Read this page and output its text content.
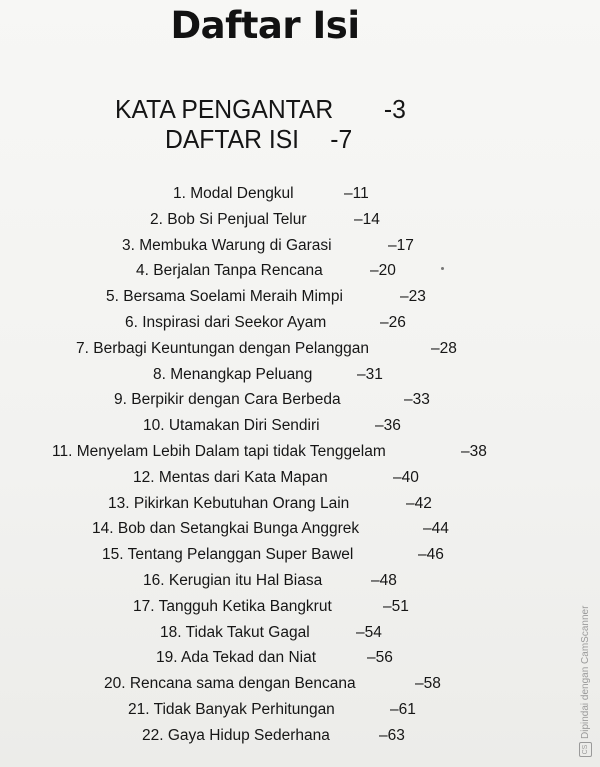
Daftar Isi
KATA PENGANTAR -3
DAFTAR ISI -7
1. Modal Dengkul	–11
2. Bob Si Penjual Telur	–14
3. Membuka Warung di Garasi	–17
4. Berjalan Tanpa Rencana	–20
5. Bersama Soelami Meraih Mimpi	–23
6. Inspirasi dari Seekor Ayam	–26
7. Berbagi Keuntungan dengan Pelanggan	–28
8. Menangkap Peluang	–31
9. Berpikir dengan Cara Berbeda	–33
10. Utamakan Diri Sendiri	–36
11. Menyelam Lebih Dalam tapi tidak Tenggelam	–38
12. Mentas dari Kata Mapan	–40
13. Pikirkan Kebutuhan Orang Lain	–42
14. Bob dan Setangkai Bunga Anggrek	–44
15. Tentang Pelanggan Super Bawel	–46
16. Kerugian itu Hal Biasa	–48
17. Tangguh Ketika Bangkrut	–51
18. Tidak Takut Gagal	–54
19. Ada Tekad dan Niat	–56
20. Rencana sama dengan Bencana	–58
21. Tidak Banyak Perhitungan	–61
22. Gaya Hidup Sederhana	–63
CS
Dipindai dengan CamScanner
